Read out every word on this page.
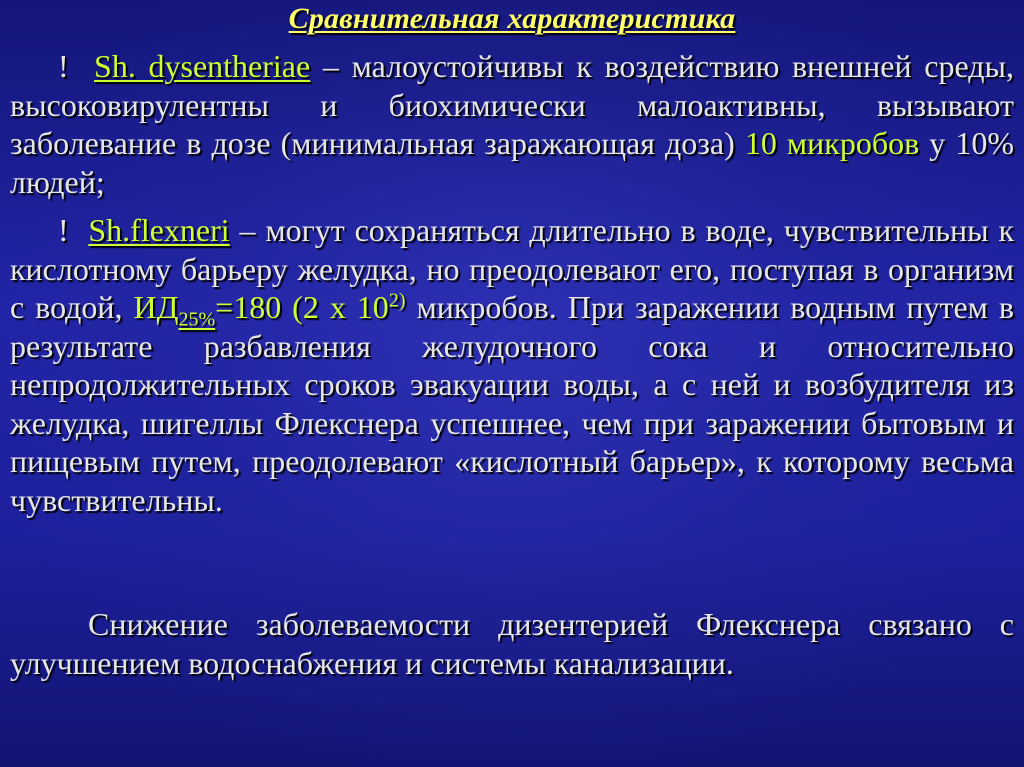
Сравнительная характеристика
! Sh. dysentheriae – малоустойчивы к воздействию внешней среды, высоковирулентны и биохимически малоактивны, вызывают заболевание в дозе (минимальная заражающая доза) 10 микробов у 10% людей;
! Sh.flexneri – могут сохраняться длительно в воде, чувствительны к кислотному барьеру желудка, но преодолевают его, поступая в организм с водой, $ИД_{25\%}=180$ (2 х 10$^{2)}$ микробов. При заражении водным путем в результате разбавления желудочного сока и относительно непродолжительных сроков эвакуации воды, а с ней и возбудителя из желудка, шигеллы Флекснера успешнее, чем при заражении бытовым и пищевым путем, преодолевают «кислотный барьер», к которому весьма чувствительны.
Снижение заболеваемости дизентерией Флекснера связано с улучшением водоснабжения и системы канализации.
